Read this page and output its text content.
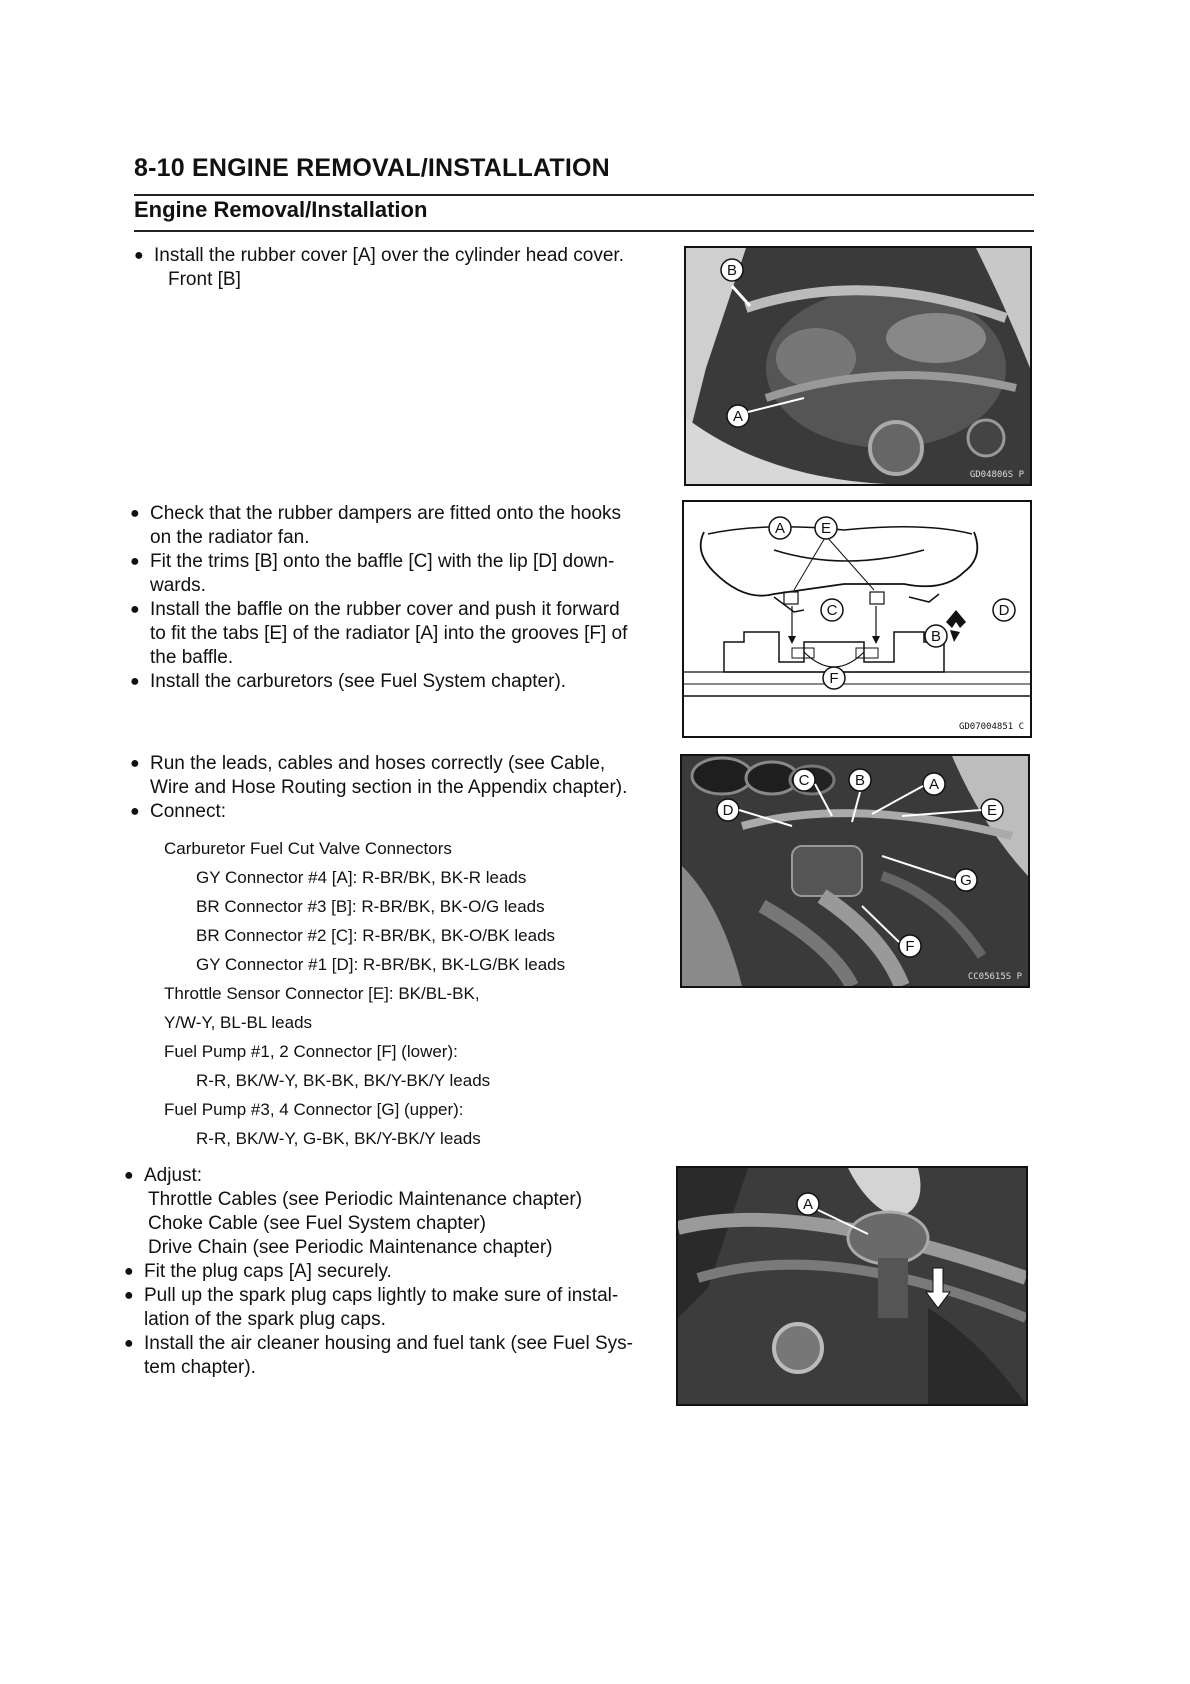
8-10 ENGINE REMOVAL/INSTALLATION
Engine Removal/Installation
● Install the rubber cover [A] over the cylinder head cover.
Front [B]	B
A
GD04806S P
● Check that the rubber dampers are fitted onto the hooks
on the radiator fan.
● Fit the trims [B] onto the baffle [C] with the lip [D] down-
wards.
● Install the baffle on the rubber cover and push it forward
to fit the tabs [E] of the radiator [A] into the grooves [F] of
the baffle.
● Install the carburetors (see Fuel System chapter).
A E
C	D
B
F
GD07004851 C
● Run the leads, cables and hoses correctly (see Cable,
Wire and Hose Routing section in the Appendix chapter).
● Connect:
Carburetor Fuel Cut Valve Connectors
GY Connector #4 [A]: R-BR/BK, BK-R leads
BR Connector #3 [B]: R-BR/BK, BK-O/G leads
BR Connector #2 [C]: R-BR/BK, BK-O/BK leads
GY Connector #1 [D]: R-BR/BK, BK-LG/BK leads
Throttle Sensor Connector [E]: BK/BL-BK,
Y/W-Y, BL-BL leads
Fuel Pump #1, 2 Connector [F] (lower):
R-R, BK/W-Y, BK-BK, BK/Y-BK/Y leads
Fuel Pump #3, 4 Connector [G] (upper):
R-R, BK/W-Y, G-BK, BK/Y-BK/Y leads
C	B	A
D	E
G
F
CC05615S P
● Adjust:
Throttle Cables (see Periodic Maintenance chapter)
Choke Cable (see Fuel System chapter)
Drive Chain (see Periodic Maintenance chapter)
● Fit the plug caps [A] securely.
● Pull up the spark plug caps lightly to make sure of instal-
lation of the spark plug caps.
● Install the air cleaner housing and fuel tank (see Fuel Sys-
tem chapter).
A
